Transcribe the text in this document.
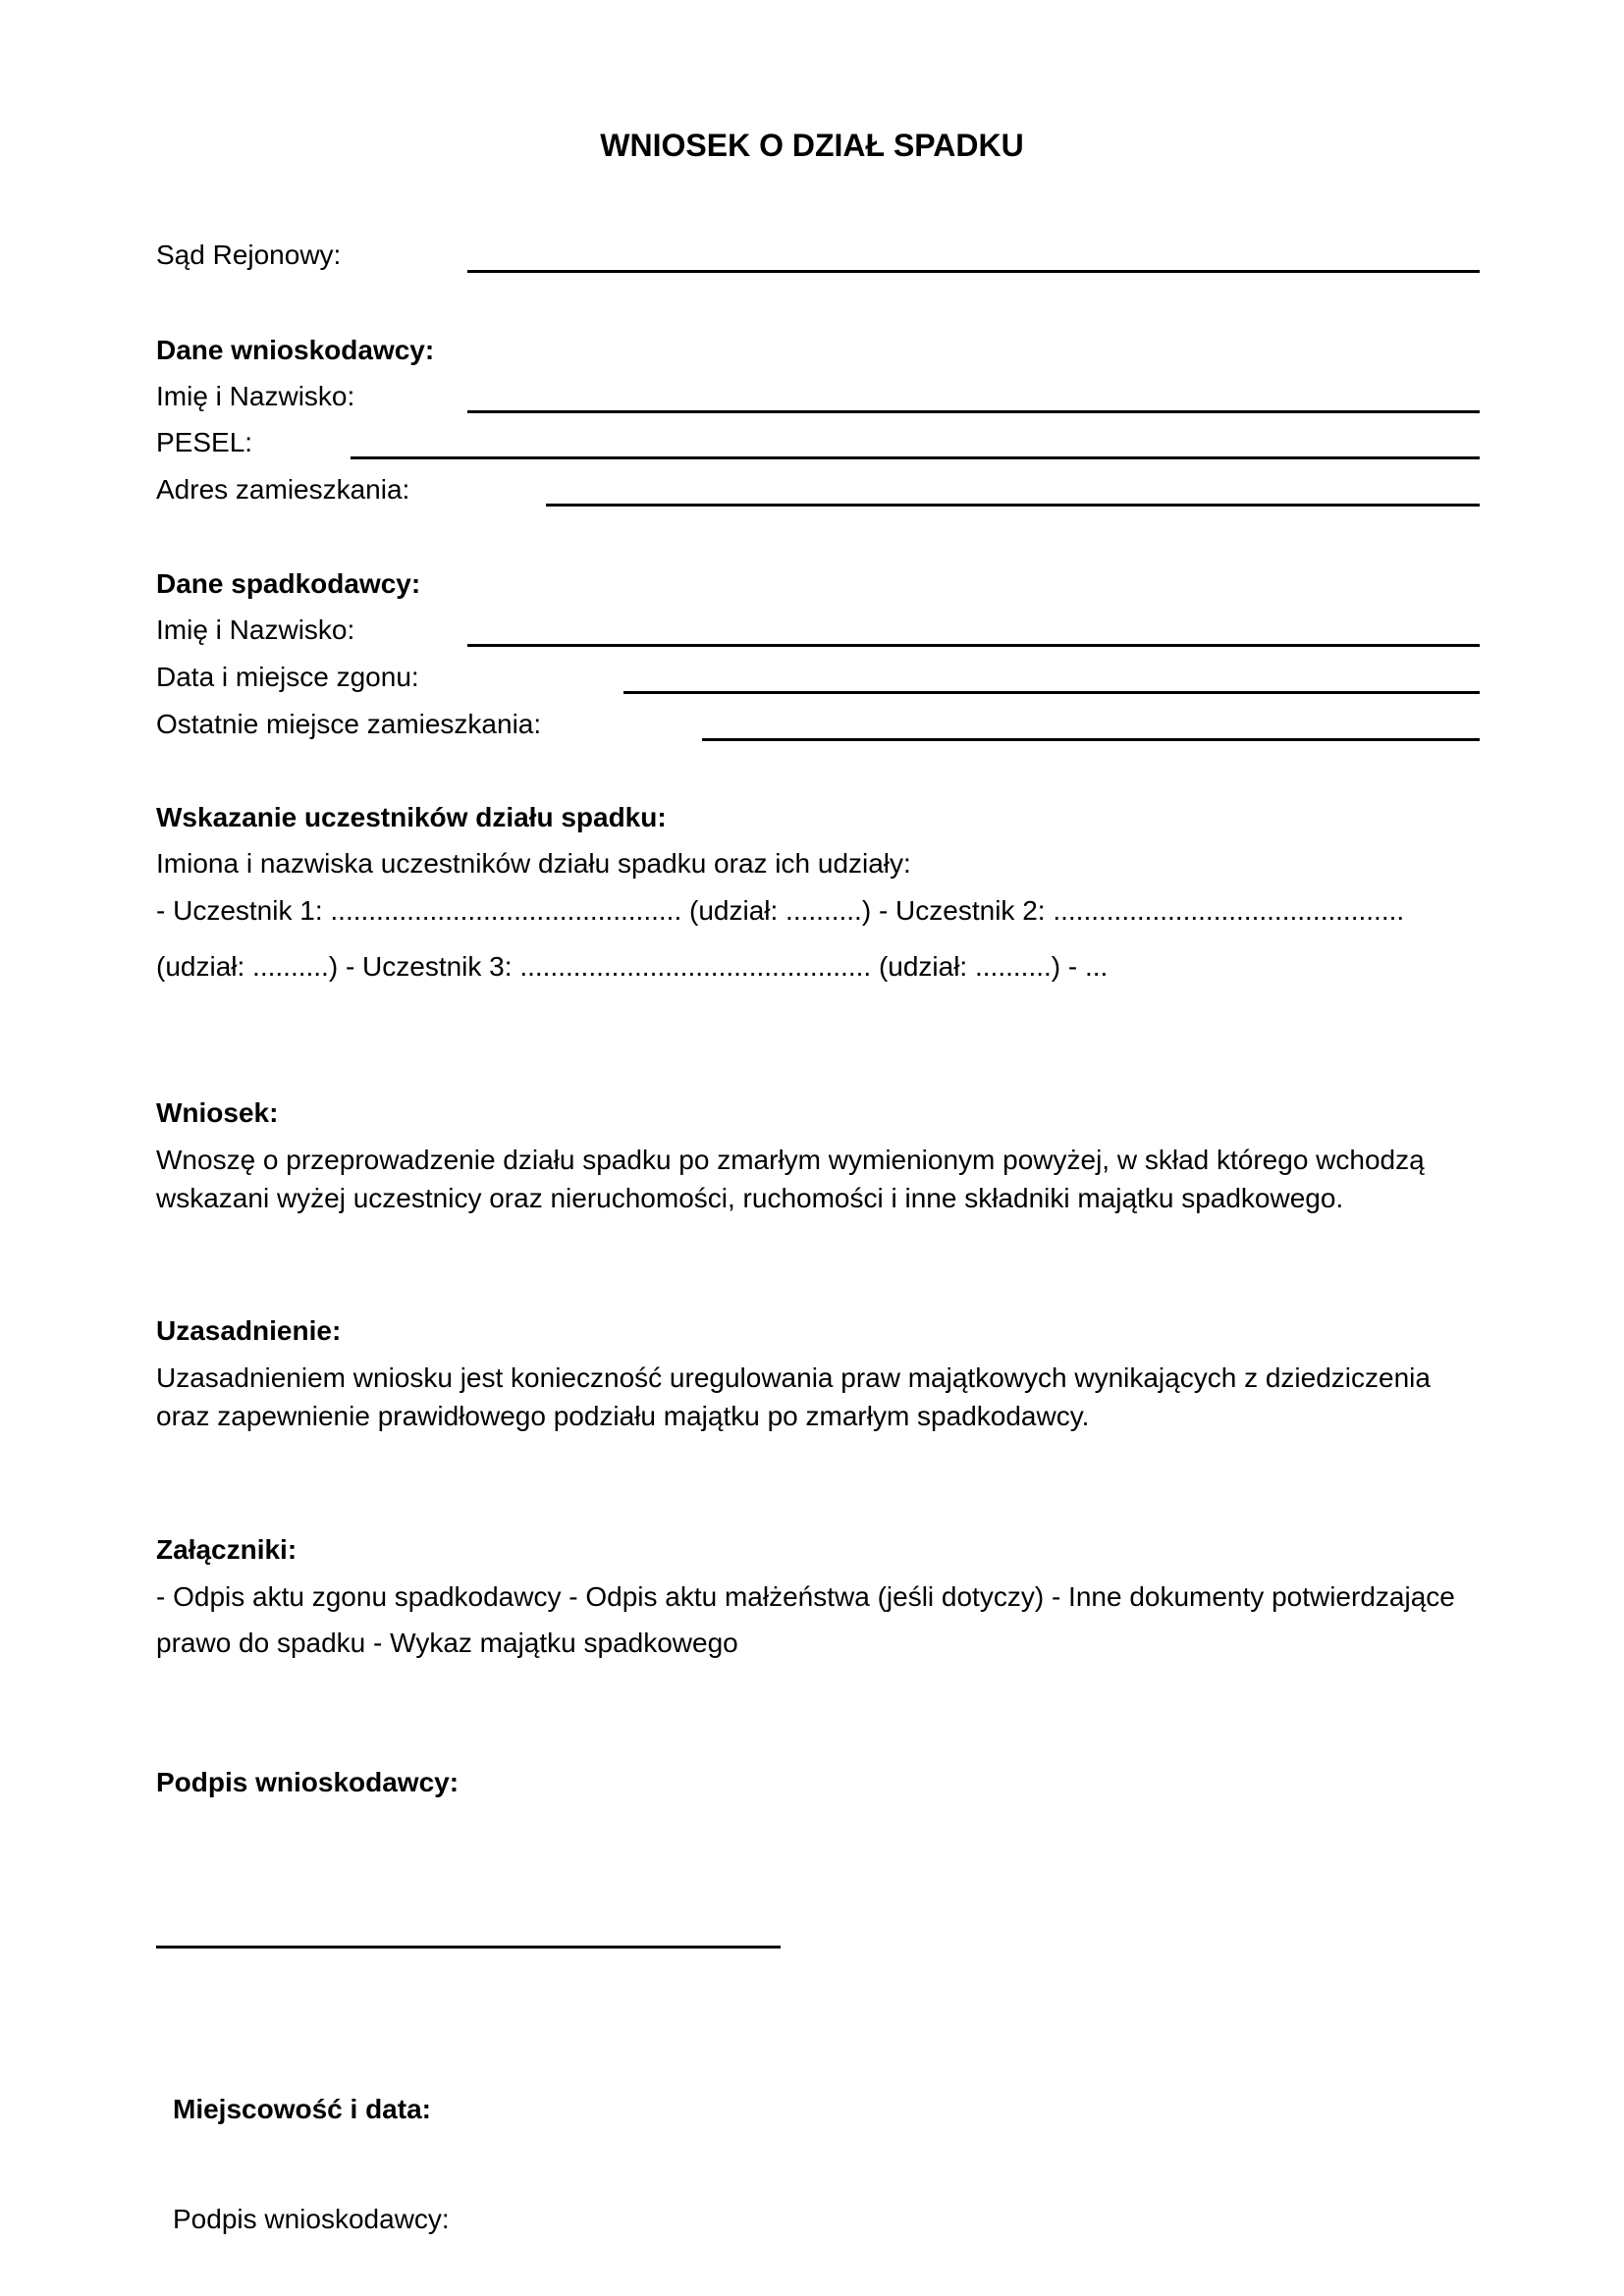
WNIOSEK O DZIAŁ SPADKU
Sąd Rejonowy:
Dane wnioskodawcy:
Imię i Nazwisko:
PESEL:
Adres zamieszkania:
Dane spadkodawcy:
Imię i Nazwisko:
Data i miejsce zgonu:
Ostatnie miejsce zamieszkania:
Wskazanie uczestników działu spadku:
Imiona i nazwiska uczestników działu spadku oraz ich udziały:
- Uczestnik 1: .............................................. (udział: ..........) - Uczestnik 2: ..............................................
(udział: ..........) - Uczestnik 3: .............................................. (udział: ..........) - ...
Wniosek:
Wnoszę o przeprowadzenie działu spadku po zmarłym wymienionym powyżej, w skład którego wchodzą wskazani wyżej uczestnicy oraz nieruchomości, ruchomości i inne składniki majątku spadkowego.
Uzasadnienie:
Uzasadnieniem wniosku jest konieczność uregulowania praw majątkowych wynikających z dziedziczenia oraz zapewnienie prawidłowego podziału majątku po zmarłym spadkodawcy.
Załączniki:
- Odpis aktu zgonu spadkodawcy - Odpis aktu małżeństwa (jeśli dotyczy) - Inne dokumenty potwierdzające prawo do spadku - Wykaz majątku spadkowego
Podpis wnioskodawcy:
Miejscowość i data:
Podpis wnioskodawcy:
